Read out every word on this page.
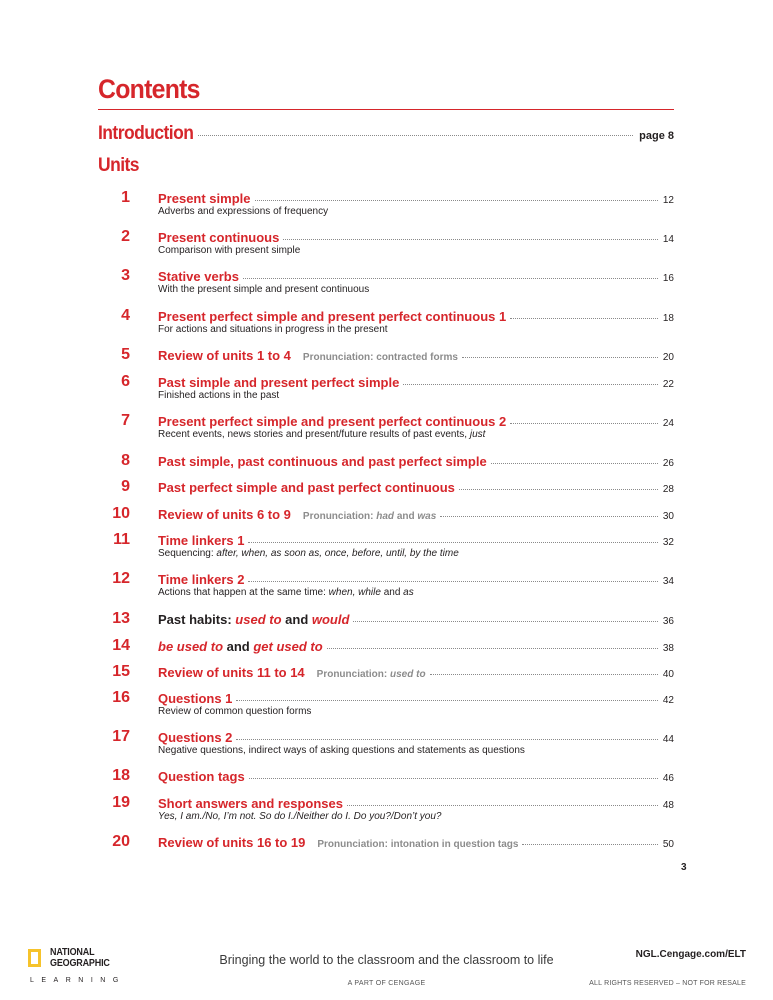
Contents
Introduction	page 8
Units
1 Present simple	12
Adverbs and expressions of frequency
2 Present continuous	14
Comparison with present simple
3 Stative verbs	16
With the present simple and present continuous
4 Present perfect simple and present perfect continuous 1	18
For actions and situations in progress in the present
5 Review of units 1 to 4 Pronunciation: contracted forms	20
6 Past simple and present perfect simple	22
Finished actions in the past
7 Present perfect simple and present perfect continuous 2	24
Recent events, news stories and present/future results of past events, just
8 Past simple, past continuous and past perfect simple	26
9 Past perfect simple and past perfect continuous	28
10 Review of units 6 to 9 Pronunciation: had and was	30
11 Time linkers 1	32
Sequencing: after, when, as soon as, once, before, until, by the time
12 Time linkers 2	34
Actions that happen at the same time: when, while and as
13 Past habits: used to and would	36
14 be used to and get used to	38
15 Review of units 11 to 14 Pronunciation: used to	40
16 Questions 1	42
Review of common question forms
17 Questions 2	44
Negative questions, indirect ways of asking questions and statements as questions
18 Question tags	46
19 Short answers and responses	48
Yes, I am./No, I’m not. So do I./Neither do I. Do you?/Don’t you?
20 Review of units 16 to 19 Pronunciation: intonation in question tags	50
3
NATIONAL
GEOGRAPHIC
LEARNING
Bringing the world to the classroom and the classroom to life
A PART OF CENGAGE
NGL.Cengage.com/ELT
ALL RIGHTS RESERVED – NOT FOR RESALE
